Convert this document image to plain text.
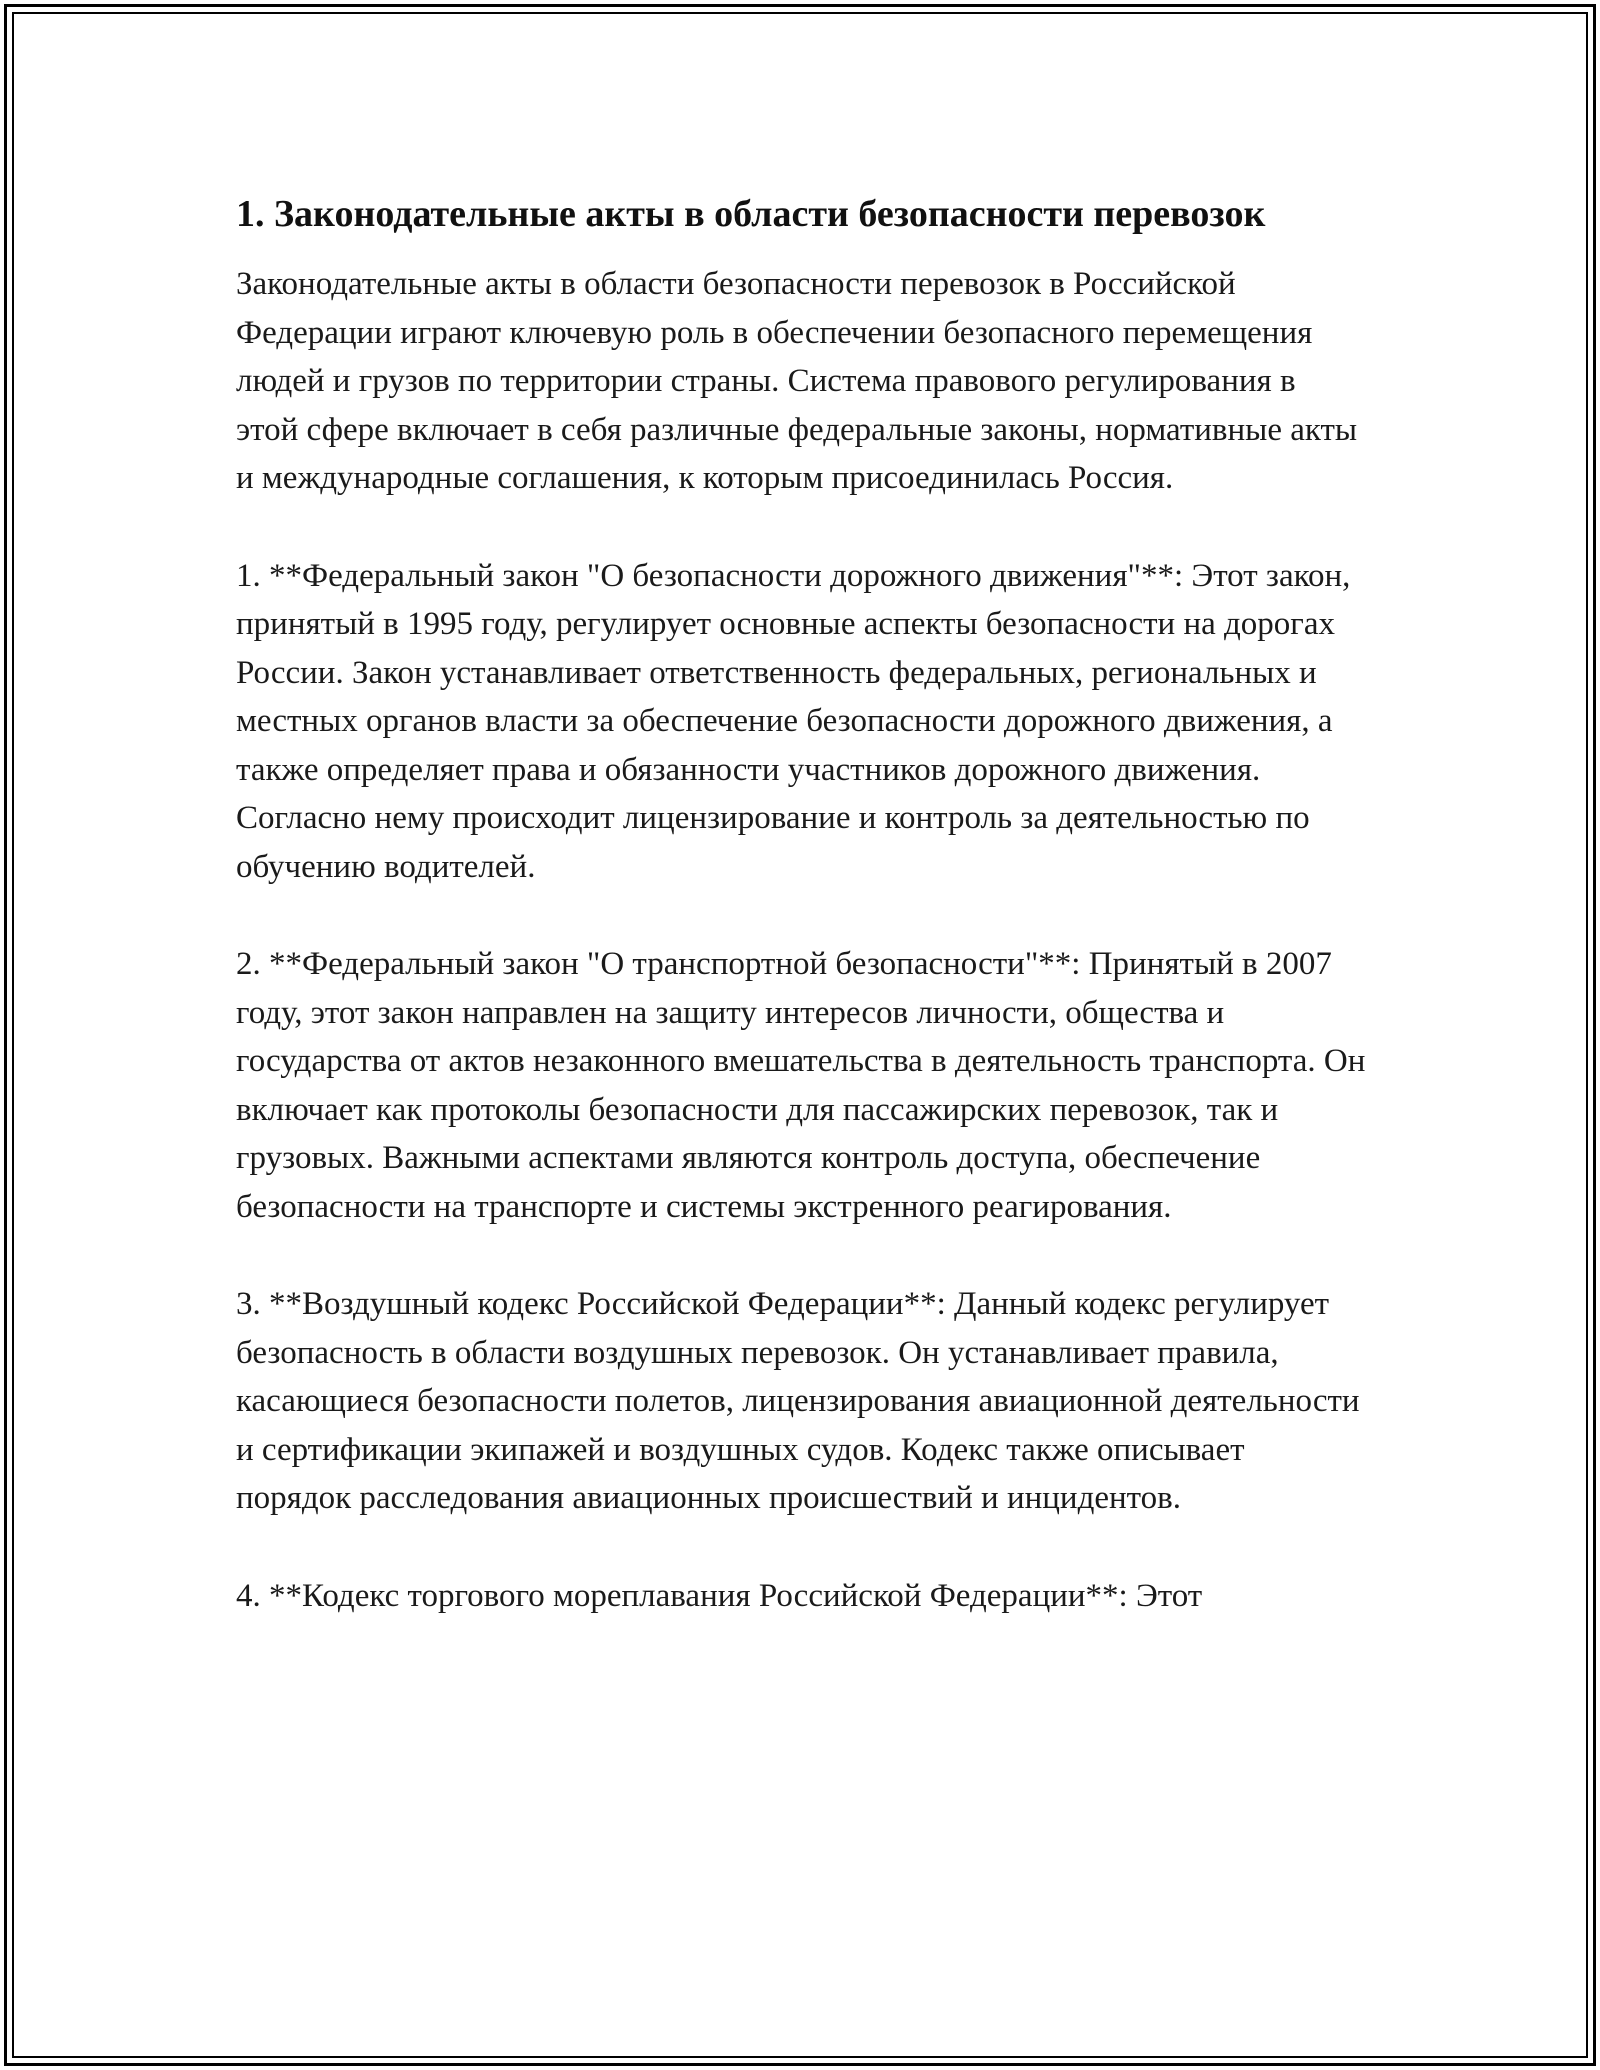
1. Законодательные акты в области безопасности перевозок

Законодательные акты в области безопасности перевозок в Российской Федерации играют ключевую роль в обеспечении безопасного перемещения людей и грузов по территории страны. Система правового регулирования в этой сфере включает в себя различные федеральные законы, нормативные акты и международные соглашения, к которым присоединилась Россия.

1. **Федеральный закон "О безопасности дорожного движения"**: Этот закон, принятый в 1995 году, регулирует основные аспекты безопасности на дорогах России. Закон устанавливает ответственность федеральных, региональных и местных органов власти за обеспечение безопасности дорожного движения, а также определяет права и обязанности участников дорожного движения. Согласно нему происходит лицензирование и контроль за деятельностью по обучению водителей.

2. **Федеральный закон "О транспортной безопасности"**: Принятый в 2007 году, этот закон направлен на защиту интересов личности, общества и государства от актов незаконного вмешательства в деятельность транспорта. Он включает как протоколы безопасности для пассажирских перевозок, так и грузовых. Важными аспектами являются контроль доступа, обеспечение безопасности на транспорте и системы экстренного реагирования.

3. **Воздушный кодекс Российской Федерации**: Данный кодекс регулирует безопасность в области воздушных перевозок. Он устанавливает правила, касающиеся безопасности полетов, лицензирования авиационной деятельности и сертификации экипажей и воздушных судов. Кодекс также описывает порядок расследования авиационных происшествий и инцидентов.

4. **Кодекс торгового мореплавания Российской Федерации**: Этот
